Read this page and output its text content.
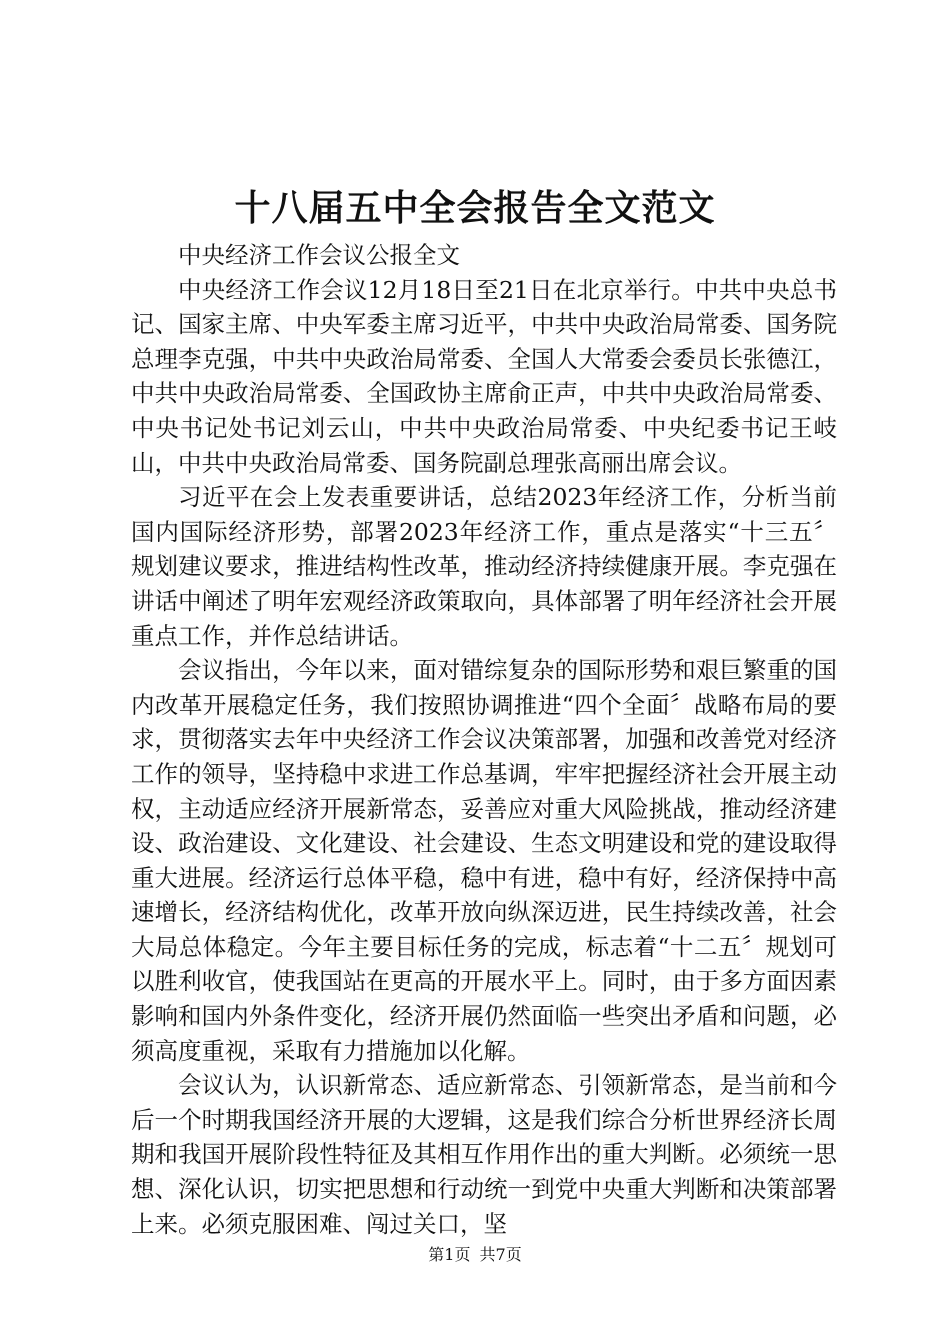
十八届五中全会报告全文范文

中央经济工作会议公报全文

中央经济工作会议12月18日至21日在北京举行。中共中央总书记、国家主席、中央军委主席习近平，中共中央政治局常委、国务院总理李克强，中共中央政治局常委、全国人大常委会委员长张德江，中共中央政治局常委、全国政协主席俞正声，中共中央政治局常委、中央书记处书记刘云山，中共中央政治局常委、中央纪委书记王岐山，中共中央政治局常委、国务院副总理张高丽出席会议。

习近平在会上发表重要讲话，总结2023年经济工作，分析当前国内国际经济形势，部署2023年经济工作，重点是落实“十三五〞规划建议要求，推进结构性改革，推动经济持续健康开展。李克强在讲话中阐述了明年宏观经济政策取向，具体部署了明年经济社会开展重点工作，并作总结讲话。

会议指出，今年以来，面对错综复杂的国际形势和艰巨繁重的国内改革开展稳定任务，我们按照协调推进“四个全面〞战略布局的要求，贯彻落实去年中央经济工作会议决策部署，加强和改善党对经济工作的领导，坚持稳中求进工作总基调，牢牢把握经济社会开展主动权，主动适应经济开展新常态，妥善应对重大风险挑战，推动经济建设、政治建设、文化建设、社会建设、生态文明建设和党的建设取得重大进展。经济运行总体平稳，稳中有进，稳中有好，经济保持中高速增长，经济结构优化，改革开放向纵深迈进，民生持续改善，社会大局总体稳定。今年主要目标任务的完成，标志着“十二五〞规划可以胜利收官，使我国站在更高的开展水平上。同时，由于多方面因素影响和国内外条件变化，经济开展仍然面临一些突出矛盾和问题，必须高度重视，采取有力措施加以化解。

会议认为，认识新常态、适应新常态、引领新常态，是当前和今后一个时期我国经济开展的大逻辑，这是我们综合分析世界经济长周期和我国开展阶段性特征及其相互作用作出的重大判断。必须统一思想、深化认识，切实把思想和行动统一到党中央重大判断和决策部署上来。必须克服困难、闯过关口，坚

第1页 共7页
